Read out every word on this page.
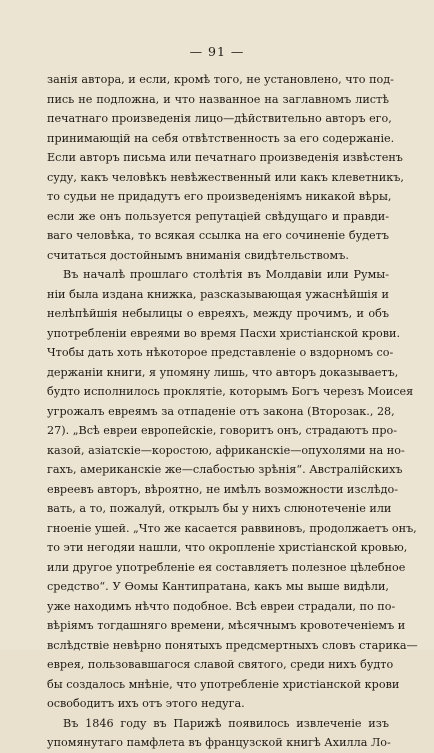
— 91 —
занія автора, и если, кромѣ того, не установлено, что под-
пись не подложна, и что названное на заглавномъ листѣ
печатнаго произведенія лицо—дѣйствительно авторъ его,
принимающій на себя отвѣтственность за его содержаніе.
Если авторъ письма или печатнаго произведенія извѣстенъ
суду, какъ человѣкъ невѣжественный или какъ клеветникъ,
то судьи не придадутъ его произведеніямъ никакой вѣры,
если же онъ пользуется репутаціей свѣдущаго и правди-
ваго человѣка, то всякая ссылка на его сочиненіе будетъ
считаться достойнымъ вниманія свидѣтельствомъ.
Въ началѣ прошлаго столѣтія въ Молдавіи или Румы-
ніи была издана книжка, разсказывающая ужаснѣйшія и
нелѣпѣйшія небылицы о евреяхъ, между прочимъ, и объ
употребленіи евреями во время Пасхи христіанской крови.
Чтобы дать хоть нѣкоторое представленіе о вздорномъ со-
держаніи книги, я упомяну лишь, что авторъ доказываетъ,
будто исполнилось проклятіе, которымъ Богъ черезъ Моисея
угрожалъ евреямъ за отпаденіе отъ закона (Второзак., 28,
27). „Всѣ евреи европейскіе, говоритъ онъ, страдаютъ про-
казой, азіатскіе—коростою, африканскіе—опухолями на но-
гахъ, американскіе же—слабостью зрѣнія“. Австралійскихъ
евреевъ авторъ, вѣроятно, не имѣлъ возможности изслѣдо-
вать, а то, пожалуй, открылъ бы у нихъ слюнотеченіе или
гноеніе ушей. „Что же касается раввиновъ, продолжаетъ онъ,
то эти негодяи нашли, что окропленіе христіанской кровью,
или другое употребленіе ея составляетъ полезное цѣлебное
средство“. У Ѳомы Кантипратана, какъ мы выше видѣли,
уже находимъ нѣчто подобное. Всѣ евреи страдали, по по-
вѣрiямъ тогдашняго времени, мѣсячнымъ кровотеченiемъ и
вслѣдствіе невѣрно понятыхъ предсмертныхъ словъ старика—
еврея, пользовавшагося славой святого, среди нихъ будто
бы создалось мнѣніе, что употребленіе христіанской крови
освободитъ ихъ отъ этого недуга.
Въ 1846 году въ Парижѣ появилось извлеченіе изъ
упомянутаго памфлета въ французской книгѣ Ахилла Ло-
